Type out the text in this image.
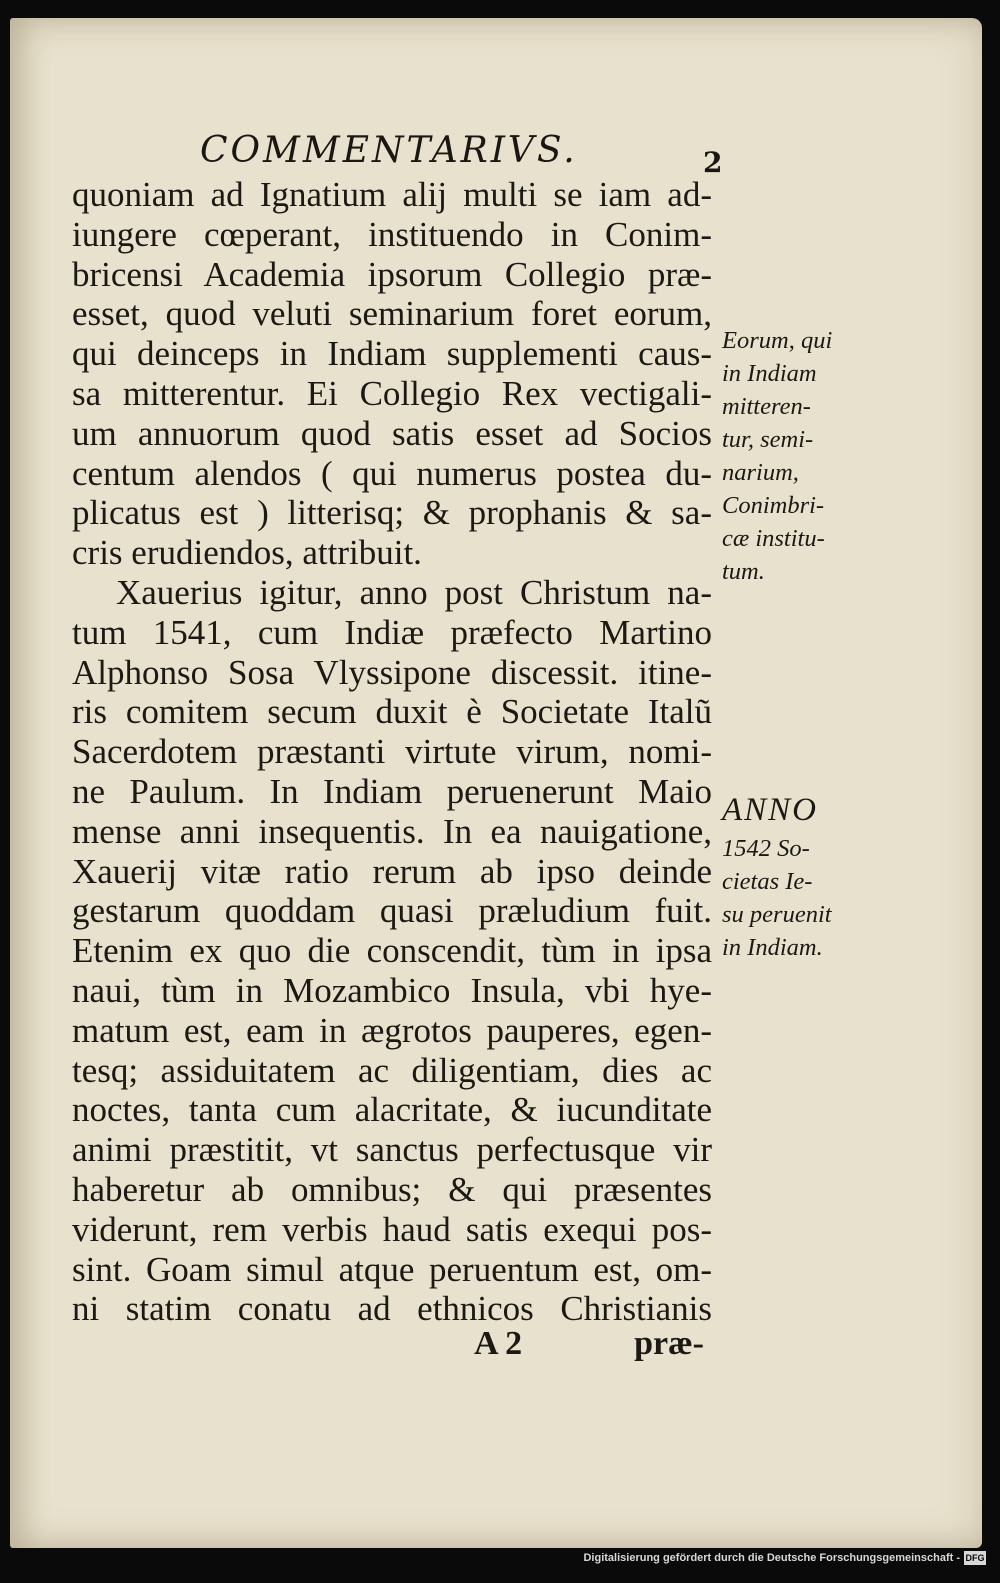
COMMENTARIVS.	2
quoniam ad Ignatium alij multi se iam ad-
iungere cœperant, instituendo in Conim-
bricensi Academia ipsorum Collegio præ-
esset, quod veluti seminarium foret eorum,
qui deinceps in Indiam supplementi caus-
sa mitterentur. Ei Collegio Rex vectigali-
um annuorum quod satis esset ad Socios
centum alendos ( qui numerus postea du-
plicatus est ) litterisq; & prophanis & sa-
cris erudiendos, attribuit.
Xauerius igitur, anno post Christum na-
tum 1541, cum Indiæ præfecto Martino
Alphonso Sosa Vlyssipone discessit. itine-
ris comitem secum duxit è Societate Italũ
Sacerdotem præstanti virtute virum, nomi-
ne Paulum. In Indiam peruenerunt Maio
mense anni insequentis. In ea nauigatione,
Xauerij vitæ ratio rerum ab ipso deinde
gestarum quoddam quasi præludium fuit.
Etenim ex quo die conscendit, tùm in ipsa
naui, tùm in Mozambico Insula, vbi hye-
matum est, eam in ægrotos pauperes, egen-
tesq; assiduitatem ac diligentiam, dies ac
noctes, tanta cum alacritate, & iucunditate
animi præstitit, vt sanctus perfectusque vir
haberetur ab omnibus; & qui præsentes
viderunt, rem verbis haud satis exequi pos-
sint. Goam simul atque peruentum est, om-
ni statim conatu ad ethnicos Christianis
Eorum, qui
in Indiam
mitteren-
tur, semi-
narium,
Conimbri-
cæ institu-
tum.
ANNO
1542 So-
cietas Ie-
su peruenit
in Indiam.
A 2	præ-
Digitalisierung gefördert durch die Deutsche Forschungsgemeinschaft - DFG
